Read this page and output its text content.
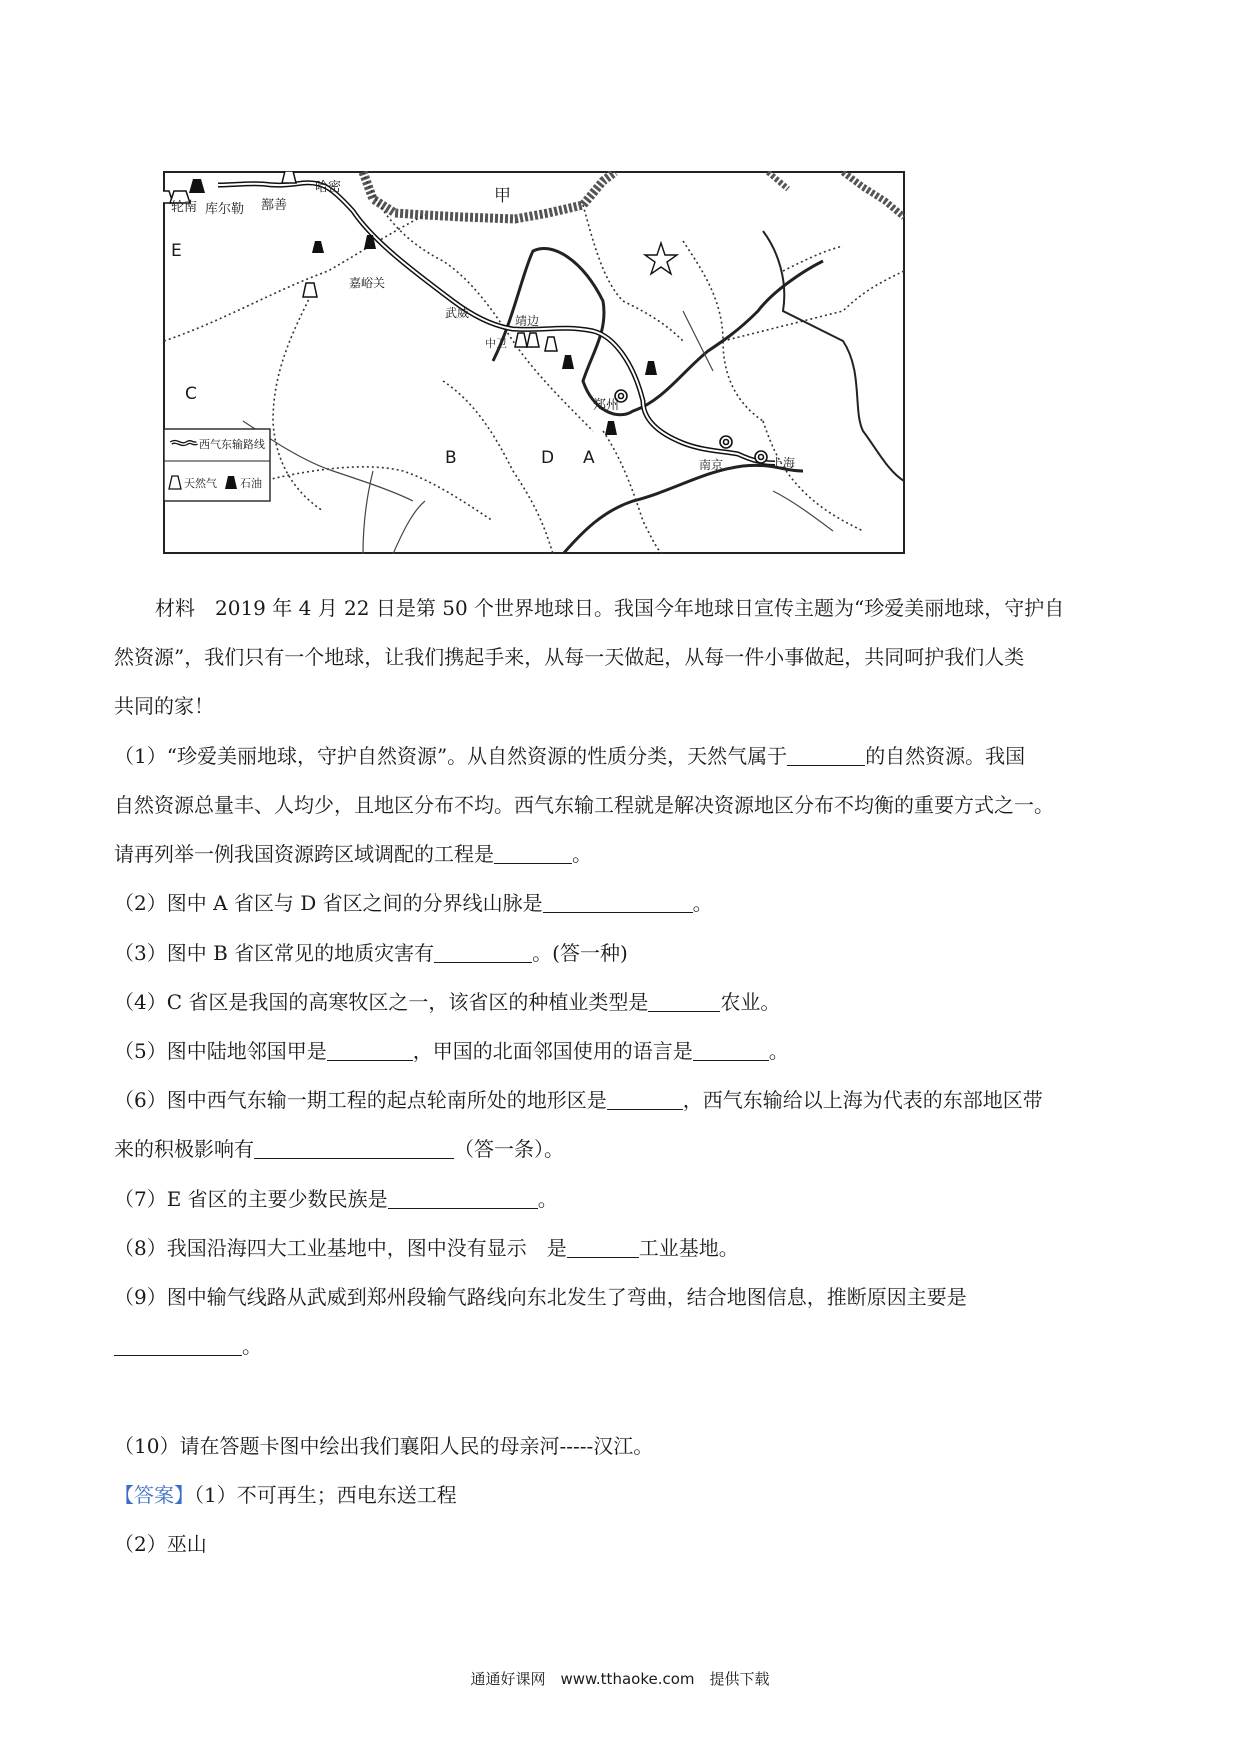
甲
E
C
B	D A
轮南 库尔勒 鄯善
哈密
嘉峪关
武威
中卫
靖边
郑州
南京	上海
西气东输路线
天然气 石油
材料　2019 年 4 月 22 日是第 50 个世界地球日。我国今年地球日宣传主题为“珍爱美丽地球，守护自
然资源”，我们只有一个地球，让我们携起手来，从每一天做起，从每一件小事做起，共同呵护我们人类
共同的家！
（1）“珍爱美丽地球，守护自然资源”。从自然资源的性质分类，天然气属于	的自然资源。我国
自然资源总量丰、人均少，且地区分布不均。西气东输工程就是解决资源地区分布不均衡的重要方式之一。
请再列举一例我国资源跨区域调配的工程是	。
（2）图中 A 省区与 D 省区之间的分界线山脉是	。
（3）图中 B 省区常见的地质灾害有	。(答一种)
（4）C 省区是我国的高寒牧区之一，该省区的种植业类型是	农业。
（5）图中陆地邻国甲是	，甲国的北面邻国使用的语言是	。
（6）图中西气东输一期工程的起点轮南所处的地形区是	，西气东输给以上海为代表的东部地区带
来的积极影响有	（答一条）。
（7）E 省区的主要少数民族是	。
（8）我国沿海四大工业基地中，图中没有显示　是	工业基地。
（9）图中输气线路从武威到郑州段输气路线向东北发生了弯曲，结合地图信息，推断原因主要是
。
（10）请在答题卡图中绘出我们襄阳人民的母亲河-----汉江。
【答案】（1）不可再生；西电东送工程
（2）巫山
通通好课网　www.tthaoke.com　提供下载
